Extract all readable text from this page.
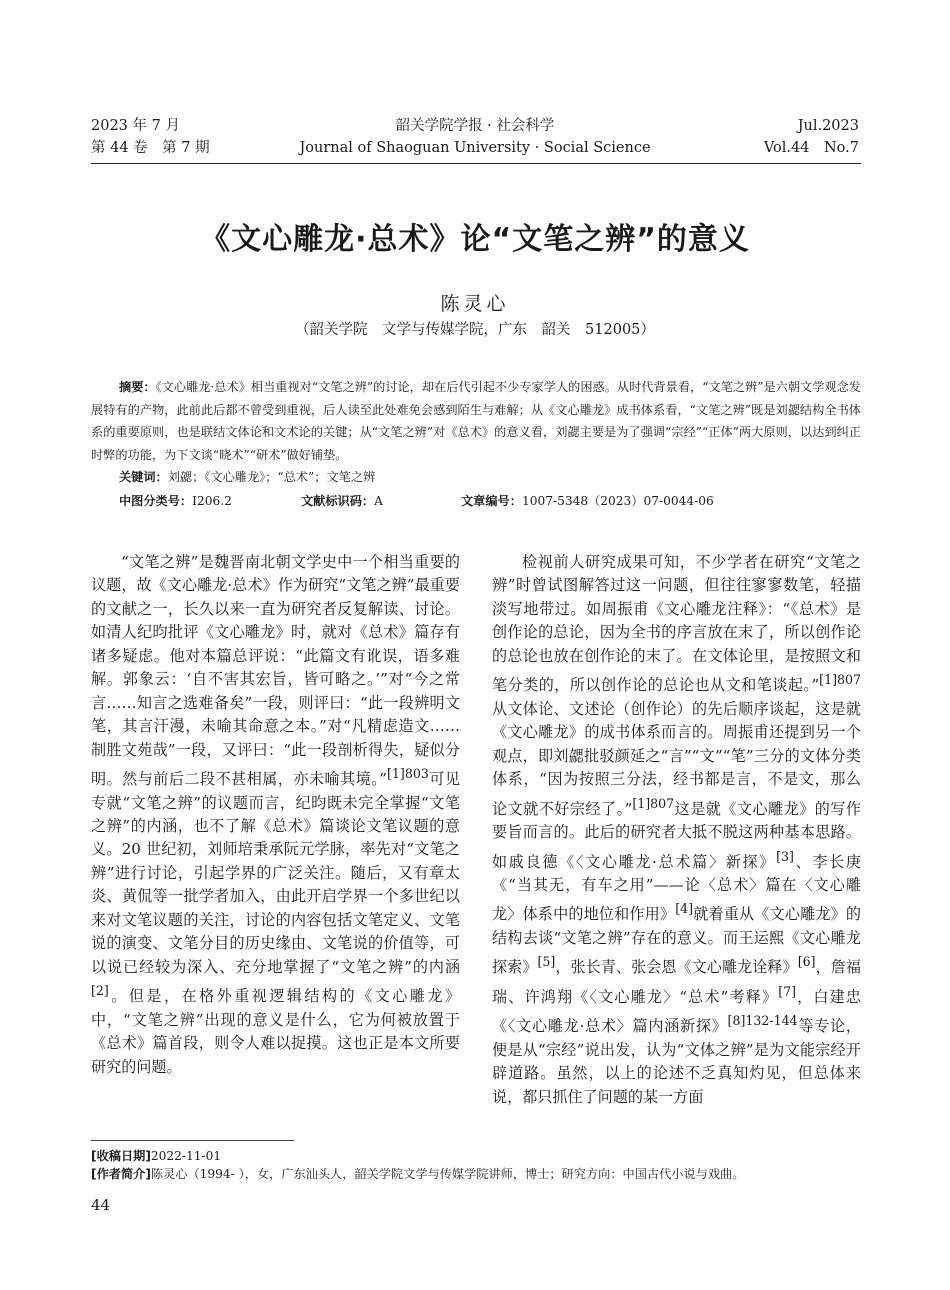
2023 年 7 月
第 44 卷　第 7 期
韶关学院学报 · 社会科学
Journal of Shaoguan University · Social Science
Jul.2023
Vol.44　No.7
《文心雕龙·总术》论“文笔之辨”的意义
陈灵心
（韶关学院　文学与传媒学院，广东　韶关　512005）
摘要：《文心雕龙·总术》相当重视对“文笔之辨”的讨论，却在后代引起不少专家学人的困惑。从时代背景看，“文笔之辨”是六朝文学观念发展特有的产物，此前此后都不曾受到重视，后人读至此处难免会感到陌生与难解；从《文心雕龙》成书体系看，“文笔之辨”既是刘勰结构全书体系的重要原则，也是联结文体论和文术论的关键；从“文笔之辨”对《总术》的意义看，刘勰主要是为了强调“宗经”“正体”两大原则，以达到纠正时弊的功能，为下文谈“晓术”“研术”做好铺垫。
关键词：刘勰；《文心雕龙》；“总术”；文笔之辨
中图分类号：I206.2	文献标识码：A	文章编号：1007-5348（2023）07-0044-06
“文笔之辨”是魏晋南北朝文学史中一个相当重要的议题，故《文心雕龙·总术》作为研究“文笔之辨”最重要的文献之一，长久以来一直为研究者反复解读、讨论。如清人纪昀批评《文心雕龙》时，就对《总术》篇存有诸多疑虑。他对本篇总评说：“此篇文有讹误，语多难解。郭象云：‘自不害其宏旨，皆可略之。’”对“今之常言……知言之选难备矣”一段，则评曰：“此一段辨明文笔，其言汗漫，未喻其命意之本。”对“凡精虑造文……制胜文苑哉”一段，又评曰：“此一段剖析得失，疑似分明。然与前后二段不甚相属，亦未喻其境。”$^{[1]803}$可见专就“文笔之辨”的议题而言，纪昀既未完全掌握“文笔之辨”的内涵，也不了解《总术》篇谈论文笔议题的意义。20 世纪初，刘师培秉承阮元学脉，率先对“文笔之辨”进行讨论，引起学界的广泛关注。随后，又有章太炎、黄侃等一批学者加入，由此开启学界一个多世纪以来对文笔议题的关注，讨论的内容包括文笔定义、文笔说的演变、文笔分目的历史缘由、文笔说的价值等，可以说已经较为深入、充分地掌握了“文笔之辨”的内涵[2]。但是，在格外重视逻辑结构的《文心雕龙》中，“文笔之辨”出现的意义是什么，它为何被放置于《总术》篇首段，则令人难以捉摸。这也正是本文所要研究的问题。
检视前人研究成果可知，不少学者在研究“文笔之辨”时曾试图解答过这一问题，但往往寥寥数笔，轻描淡写地带过。如周振甫《文心雕龙注释》：“《总术》是创作论的总论，因为全书的序言放在末了，所以创作论的总论也放在创作论的末了。在文体论里，是按照文和笔分类的，所以创作论的总论也从文和笔谈起。”$^{[1]807}$从文体论、文述论（创作论）的先后顺序谈起，这是就《文心雕龙》的成书体系而言的。周振甫还提到另一个观点，即刘勰批驳颜延之“言”“文”“笔”三分的文体分类体系，“因为按照三分法，经书都是言，不是文，那么论文就不好宗经了。”$^{[1]807}$这是就《文心雕龙》的写作要旨而言的。此后的研究者大抵不脱这两种基本思路。如戚良德《〈文心雕龙·总术篇〉新探》[3]、李长庚《“当其无，有车之用”——论〈总术〉篇在〈文心雕龙〉体系中的地位和作用》[4]就着重从《文心雕龙》的结构去谈“文笔之辨”存在的意义。而王运熙《文心雕龙探索》[5]，张长青、张会恩《文心雕龙诠释》[6]，詹福瑞、许鸿翔《〈文心雕龙〉“总术”考释》[7]，白建忠《〈文心雕龙·总术〉篇内涵新探》$^{[8]132-144}$等专论，便是从“宗经”说出发，认为“文体之辨”是为文能宗经开辟道路。虽然，以上的论述不乏真知灼见，但总体来说，都只抓住了问题的某一方面
[收稿日期]2022-11-01
[作者简介]陈灵心（1994- ），女，广东汕头人，韶关学院文学与传媒学院讲师，博士；研究方向：中国古代小说与戏曲。
44
